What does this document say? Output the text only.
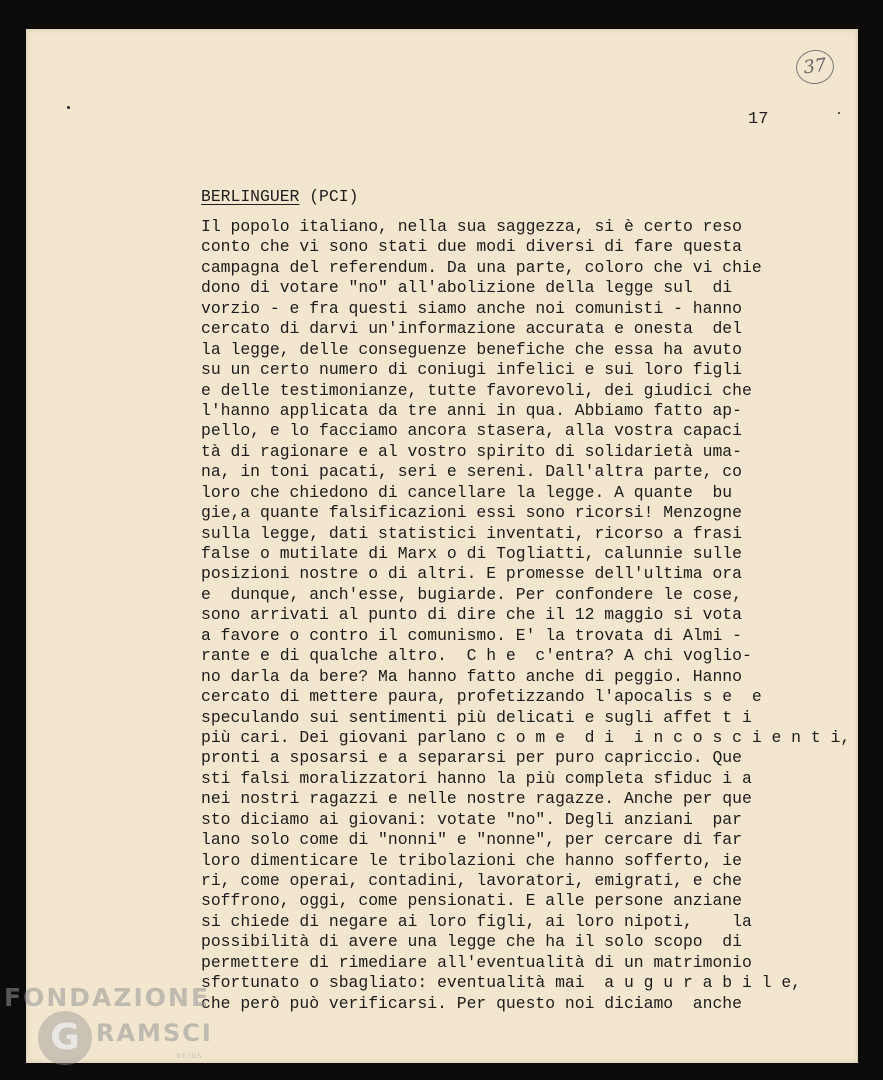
37
17
BERLINGUER (PCI)
Il popolo italiano, nella sua saggezza, si è certo reso
conto che vi sono stati due modi diversi di fare questa
campagna del referendum. Da una parte, coloro che vi chie
dono di votare "no" all'abolizione della legge sul  di
vorzio - e fra questi siamo anche noi comunisti - hanno
cercato di darvi un'informazione accurata e onesta  del
la legge, delle conseguenze benefiche che essa ha avuto
su un certo numero di coniugi infelici e sui loro figli
e delle testimonianze, tutte favorevoli, dei giudici che
l'hanno applicata da tre anni in qua. Abbiamo fatto ap-
pello, e lo facciamo ancora stasera, alla vostra capaci
tà di ragionare e al vostro spirito di solidarietà uma-
na, in toni pacati, seri e sereni. Dall'altra parte, co
loro che chiedono di cancellare la legge. A quante  bu
gie,a quante falsificazioni essi sono ricorsi! Menzogne
sulla legge, dati statistici inventati, ricorso a frasi
false o mutilate di Marx o di Togliatti, calunnie sulle
posizioni nostre o di altri. E promesse dell'ultima ora
e  dunque, anch'esse, bugiarde. Per confondere le cose,
sono arrivati al punto di dire che il 12 maggio si vota
a favore o contro il comunismo. E' la trovata di Almi -
rante e di qualche altro.  C h e  c'entra? A chi voglio-
no darla da bere? Ma hanno fatto anche di peggio. Hanno
cercato di mettere paura, profetizzando l'apocalis s e  e
speculando sui sentimenti più delicati e sugli affet t i
più cari. Dei giovani parlano c o m e  d i  i n c o s c i e n t i,
pronti a sposarsi e a separarsi per puro capriccio. Que
sti falsi moralizzatori hanno la più completa sfiduc i a
nei nostri ragazzi e nelle nostre ragazze. Anche per que
sto diciamo ai giovani: votate "no". Degli anziani  par
lano solo come di "nonni" e "nonne", per cercare di far
loro dimenticare le tribolazioni che hanno sofferto, ie
ri, come operai, contadini, lavoratori, emigrati, e che
soffrono, oggi, come pensionati. E alle persone anziane
si chiede di negare ai loro figli, ai loro nipoti,    la
possibilità di avere una legge che ha il solo scopo  di
permettere di rimediare all'eventualità di un matrimonio
sfortunato o sbagliato: eventualità mai  a u g u r a b i l e,
che però può verificarsi. Per questo noi diciamo  anche
FONDAZIONE
G RAMSCI
onlus
